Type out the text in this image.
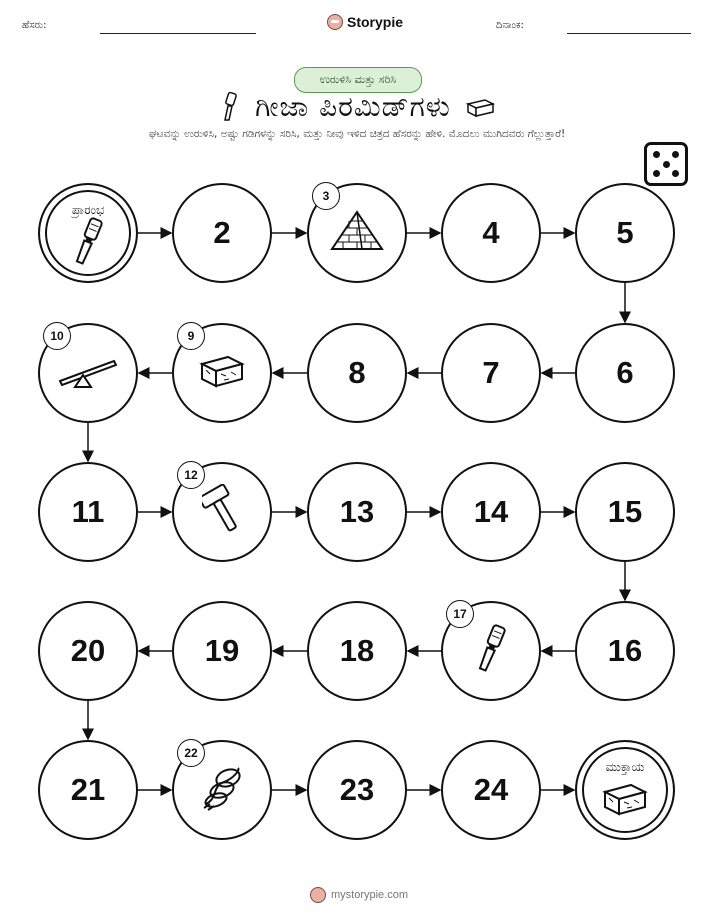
ಹೆಸರು:	Storypie	ದಿನಾಂಕ:
ಉರುಳಿಸಿ ಮತ್ತು ಸರಿಸಿ
ಗೀಜಾ ಪಿರಮಿಡ್‌ಗಳು
ಘಟವನ್ನು ಉರುಳಿಸಿ, ಅಷ್ಟು ಗಡಿಗಳನ್ನು ಸರಿಸಿ, ಮತ್ತು ನೀವು ಇಳಿದ ಚಿತ್ರದ ಹೆಸರನ್ನು ಹೇಳಿ. ಮೊದಲು ಮುಗಿದವರು ಗೆಲ್ಲುತ್ತಾರೆ!
ಪ್ರಾರಂಭ
2
3
4	5
10	9
8	7	6
11
12
13	14	15
20	19	18
17
16
21
22
23	24
ಮುಕ್ತಾಯ
mystorypie.com
